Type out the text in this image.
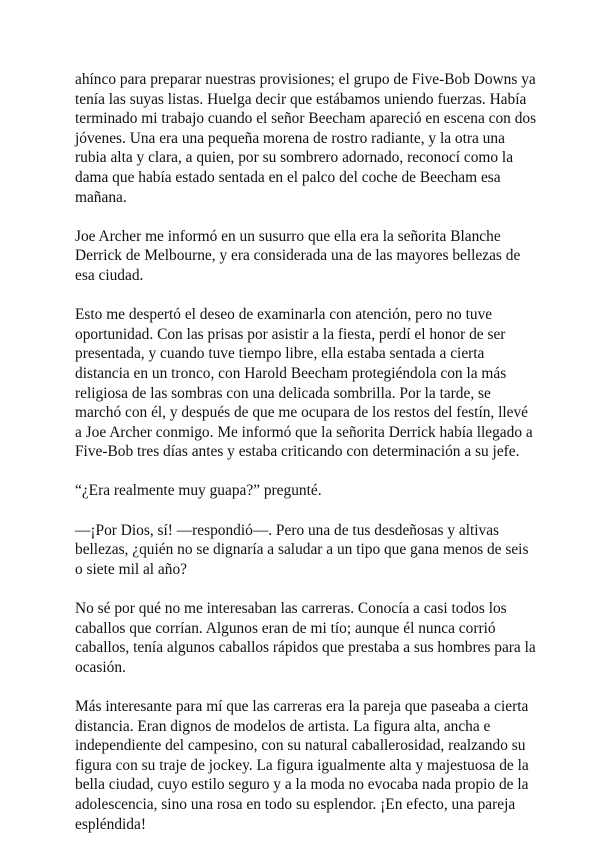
ahínco para preparar nuestras provisiones; el grupo de Five-Bob Downs ya tenía las suyas listas. Huelga decir que estábamos uniendo fuerzas. Había terminado mi trabajo cuando el señor Beecham apareció en escena con dos jóvenes. Una era una pequeña morena de rostro radiante, y la otra una rubia alta y clara, a quien, por su sombrero adornado, reconocí como la dama que había estado sentada en el palco del coche de Beecham esa mañana.

Joe Archer me informó en un susurro que ella era la señorita Blanche Derrick de Melbourne, y era considerada una de las mayores bellezas de esa ciudad.

Esto me despertó el deseo de examinarla con atención, pero no tuve oportunidad. Con las prisas por asistir a la fiesta, perdí el honor de ser presentada, y cuando tuve tiempo libre, ella estaba sentada a cierta distancia en un tronco, con Harold Beecham protegiéndola con la más religiosa de las sombras con una delicada sombrilla. Por la tarde, se marchó con él, y después de que me ocupara de los restos del festín, llevé a Joe Archer conmigo. Me informó que la señorita Derrick había llegado a Five-Bob tres días antes y estaba criticando con determinación a su jefe.

“¿Era realmente muy guapa?” pregunté.

—¡Por Dios, sí! —respondió—. Pero una de tus desdeñosas y altivas bellezas, ¿quién no se dignaría a saludar a un tipo que gana menos de seis o siete mil al año?

No sé por qué no me interesaban las carreras. Conocía a casi todos los caballos que corrían. Algunos eran de mi tío; aunque él nunca corrió caballos, tenía algunos caballos rápidos que prestaba a sus hombres para la ocasión.

Más interesante para mí que las carreras era la pareja que paseaba a cierta distancia. Eran dignos de modelos de artista. La figura alta, ancha e independiente del campesino, con su natural caballerosidad, realzando su figura con su traje de jockey. La figura igualmente alta y majestuosa de la bella ciudad, cuyo estilo seguro y a la moda no evocaba nada propio de la adolescencia, sino una rosa en todo su esplendor. ¡En efecto, una pareja espléndida!
